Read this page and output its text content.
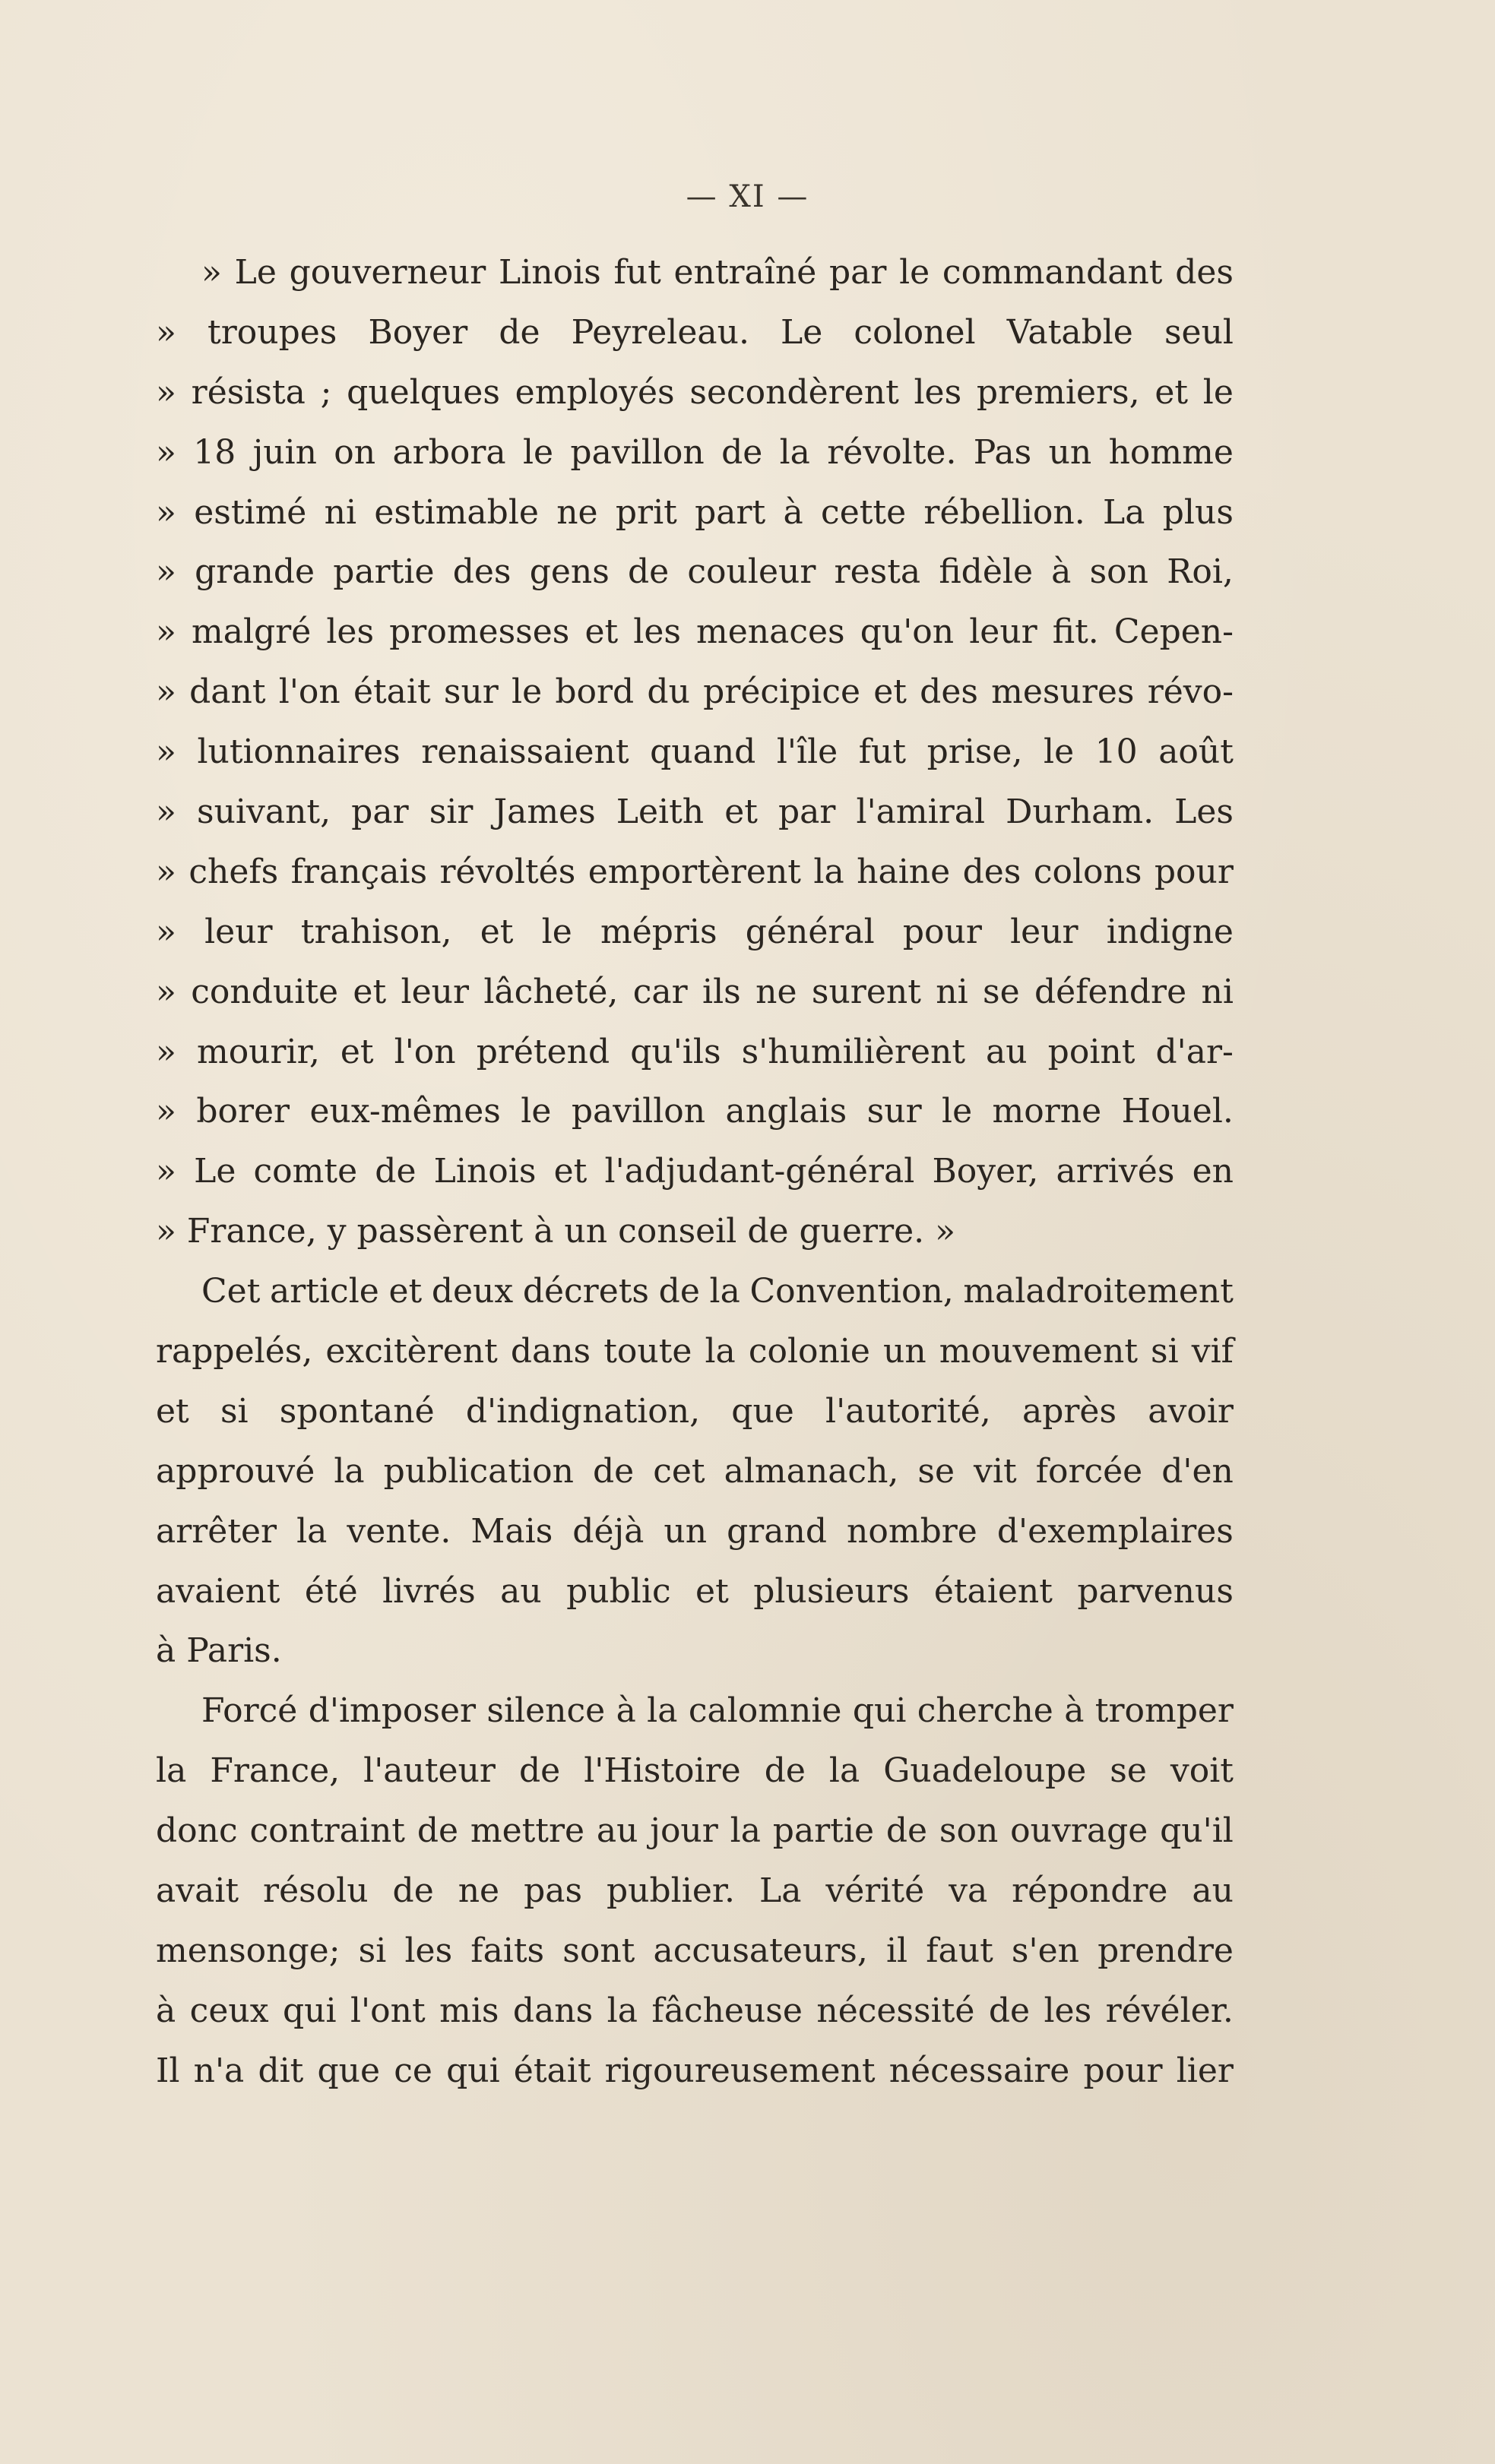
— XI —
» Le gouverneur Linois fut entraîné par le commandant des
» troupes Boyer de Peyreleau. Le colonel Vatable seul
» résista ; quelques employés secondèrent les premiers, et le
» 18 juin on arbora le pavillon de la révolte. Pas un homme
» estimé ni estimable ne prit part à cette rébellion. La plus
» grande partie des gens de couleur resta fidèle à son Roi,
» malgré les promesses et les menaces qu'on leur fit. Cepen-
» dant l'on était sur le bord du précipice et des mesures révo-
» lutionnaires renaissaient quand l'île fut prise, le 10 août
» suivant, par sir James Leith et par l'amiral Durham. Les
» chefs français révoltés emportèrent la haine des colons pour
» leur trahison, et le mépris général pour leur indigne
» conduite et leur lâcheté, car ils ne surent ni se défendre ni
» mourir, et l'on prétend qu'ils s'humilièrent au point d'ar-
» borer eux-mêmes le pavillon anglais sur le morne Houel.
» Le comte de Linois et l'adjudant-général Boyer, arrivés en
» France, y passèrent à un conseil de guerre. »
Cet article et deux décrets de la Convention, maladroitement
rappelés, excitèrent dans toute la colonie un mouvement si vif
et si spontané d'indignation, que l'autorité, après avoir
approuvé la publication de cet almanach, se vit forcée d'en
arrêter la vente. Mais déjà un grand nombre d'exemplaires
avaient été livrés au public et plusieurs étaient parvenus
à Paris.
Forcé d'imposer silence à la calomnie qui cherche à tromper
la France, l'auteur de l'Histoire de la Guadeloupe se voit
donc contraint de mettre au jour la partie de son ouvrage qu'il
avait résolu de ne pas publier. La vérité va répondre au
mensonge; si les faits sont accusateurs, il faut s'en prendre
à ceux qui l'ont mis dans la fâcheuse nécessité de les révéler.
Il n'a dit que ce qui était rigoureusement nécessaire pour lier
